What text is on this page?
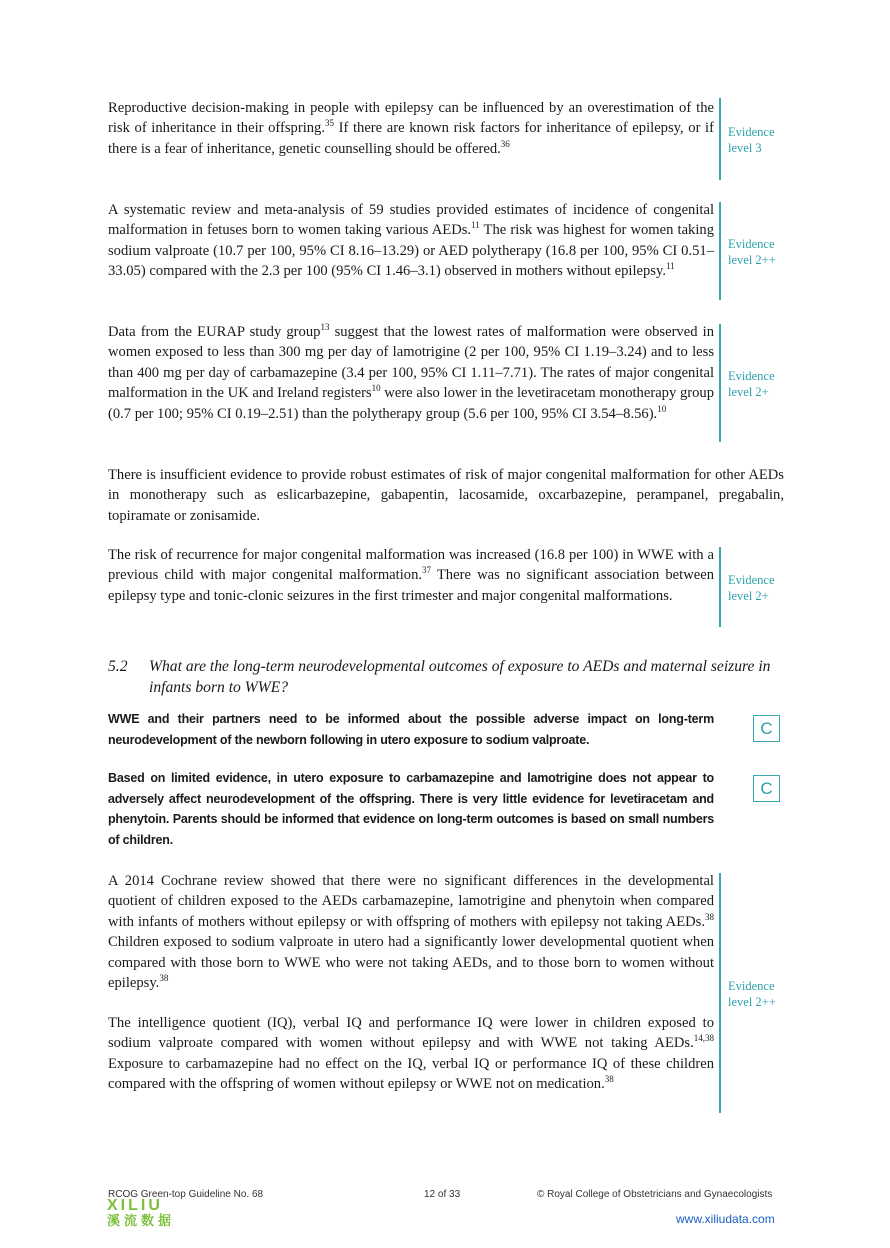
Reproductive decision-making in people with epilepsy can be influenced by an overestimation of the risk of inheritance in their offspring.$^{35}$ If there are known risk factors for inheritance of epilepsy, or if there is a fear of inheritance, genetic counselling should be offered.$^{36}$
Evidence
level 3
A systematic review and meta-analysis of 59 studies provided estimates of incidence of congenital malformation in fetuses born to women taking various AEDs.$^{11}$ The risk was highest for women taking sodium valproate (10.7 per 100, 95% CI 8.16–13.29) or AED polytherapy (16.8 per 100, 95% CI 0.51–33.05) compared with the 2.3 per 100 (95% CI 1.46–3.1) observed in mothers without epilepsy.$^{11}$
Evidence
level 2++
Data from the EURAP study group$^{13}$ suggest that the lowest rates of malformation were observed in women exposed to less than 300 mg per day of lamotrigine (2 per 100, 95% CI 1.19–3.24) and to less than 400 mg per day of carbamazepine (3.4 per 100, 95% CI 1.11–7.71). The rates of major congenital malformation in the UK and Ireland registers$^{10}$ were also lower in the levetiracetam monotherapy group (0.7 per 100; 95% CI 0.19–2.51) than the polytherapy group (5.6 per 100, 95% CI 3.54–8.56).$^{10}$
Evidence
level 2+
There is insufficient evidence to provide robust estimates of risk of major congenital malformation for other AEDs in monotherapy such as eslicarbazepine, gabapentin, lacosamide, oxcarbazepine, perampanel, pregabalin, topiramate or zonisamide.
The risk of recurrence for major congenital malformation was increased (16.8 per 100) in WWE with a previous child with major congenital malformation.$^{37}$ There was no significant association between epilepsy type and tonic-clonic seizures in the first trimester and major congenital malformations.
Evidence
level 2+
5.2 What are the long-term neurodevelopmental outcomes of exposure to AEDs and maternal seizure in infants born to WWE?
WWE and their partners need to be informed about the possible adverse impact on long-term neurodevelopment of the newborn following in utero exposure to sodium valproate.
C
Based on limited evidence, in utero exposure to carbamazepine and lamotrigine does not appear to adversely affect neurodevelopment of the offspring. There is very little evidence for levetiracetam and phenytoin. Parents should be informed that evidence on long-term outcomes is based on small numbers of children.
C
A 2014 Cochrane review showed that there were no significant differences in the developmental quotient of children exposed to the AEDs carbamazepine, lamotrigine and phenytoin when compared with infants of mothers without epilepsy or with offspring of mothers with epilepsy not taking AEDs.$^{38}$ Children exposed to sodium valproate in utero had a significantly lower developmental quotient when compared with those born to WWE who were not taking AEDs, and to those born to women without epilepsy.$^{38}$
The intelligence quotient (IQ), verbal IQ and performance IQ were lower in children exposed to sodium valproate compared with women without epilepsy and with WWE not taking AEDs.$^{14,38}$ Exposure to carbamazepine had no effect on the IQ, verbal IQ or performance IQ of these children compared with the offspring of women without epilepsy or WWE not on medication.$^{38}$
Evidence
level 2++
RCOG Green-top Guideline No. 68	12 of 33	© Royal College of Obstetricians and Gynaecologists
XILIU
溪流数据	www.xiliudata.com
